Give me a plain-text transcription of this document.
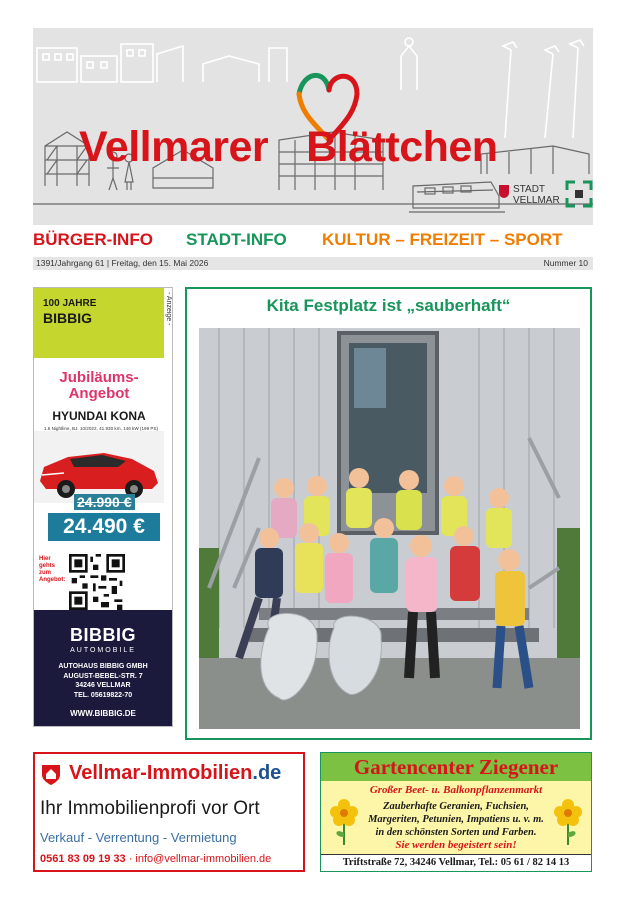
Vellmarer Blättchen
STADT
VELLMAR
BÜRGER-INFO STADT-INFO KULTUR – FREIZEIT – SPORT
1391/Jahrgang 61 | Freitag, den 15. Mai 2026	Nummer 10
100 JAHRE
BIBBIG	- Anzeige -
Jubiläums-
Angebot
HYUNDAI KONA
1.6 Nightline, BJ. 10/2022, 41.930 km, 146 kW (199 PS)
24.990 €
24.490 €
Hier
gehts
zum
Angebot:
BIBBIG
AUTOMOBILE
AUTOHAUS BIBBIG GMBH
AUGUST-BEBEL-STR. 7
34246 VELLMAR
TEL. 05619822-70
WWW.BIBBIG.DE
Kita Festplatz ist „sauberhaft“
Vellmar-Immobilien.de
Ihr Immobilienprofi vor Ort
Verkauf - Verrentung - Vermietung
0561 83 09 19 33 · info@vellmar-immobilien.de
Gartencenter Ziegener
Großer Beet- u. Balkonpflanzenmarkt
Zauberhafte Geranien, Fuchsien,
Margeriten, Petunien, Impatiens u. v. m.
in den schönsten Sorten und Farben.
Sie werden begeistert sein!
Triftstraße 72, 34246 Vellmar, Tel.: 05 61 / 82 14 13
